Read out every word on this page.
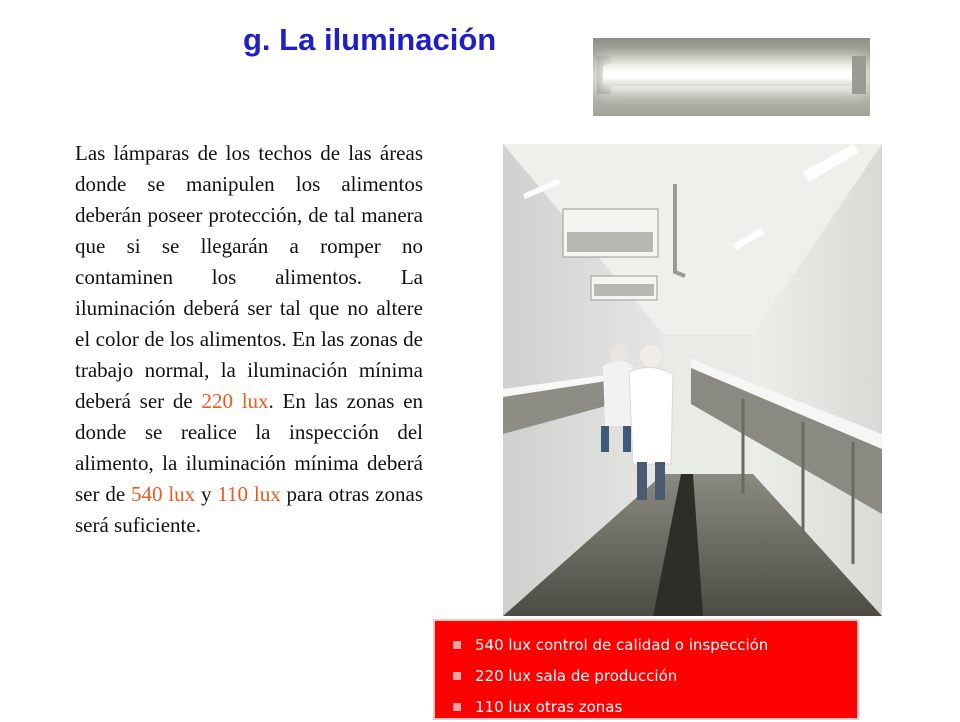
g. La iluminación

Las lámparas de los techos de las áreas donde se manipulen los alimentos deberán poseer protección, de tal manera que si se llegarán a romper no contaminen los alimentos. La iluminación deberá ser tal que no altere el color de los alimentos. En las zonas de trabajo normal, la iluminación mínima deberá ser de 220 lux. En las zonas en donde se realice la inspección del alimento, la iluminación mínima deberá ser de 540 lux y 110 lux para otras zonas será suficiente.

540 lux control de calidad o inspección
220 lux sala de producción
110 lux otras zonas
